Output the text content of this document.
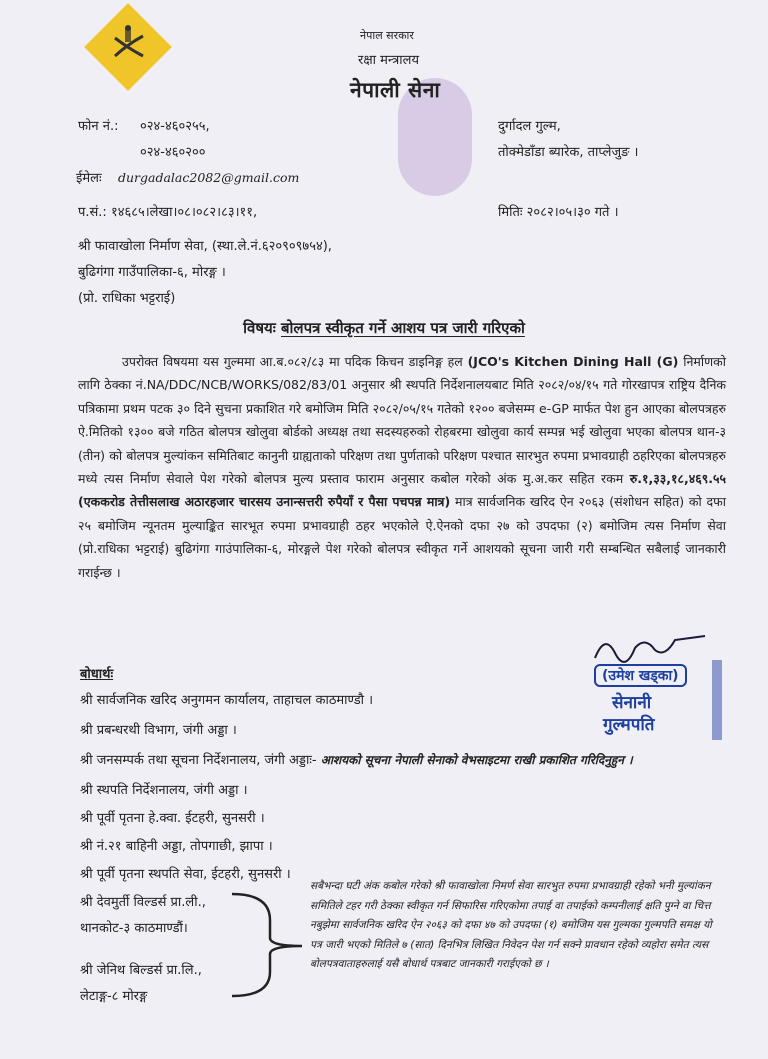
नेपाल सरकार
रक्षा मन्त्रालय
नेपाली सेना
फोन नं.: ०२४-४६०२५५,
०२४-४६०२००
ईमेलः durgadalac2082@gmail.com
दुर्गादल गुल्म,
तोक्मेडाँडा ब्यारेक, ताप्लेजुङ ।
प.सं.: १४६८५।लेखा।०८।०८२।८३।११,	मितिः २०८२।०५।३० गते ।
श्री फावाखोला निर्माण सेवा, (स्था.ले.नं.६२०९०९७५४),
बुढिगंगा गाउँपालिका-६, मोरङ्ग ।
(प्रो. राधिका भट्टराई)
विषयः बोलपत्र स्वीकृत गर्ने आशय पत्र जारी गरिएको
उपरोक्त विषयमा यस गुल्ममा आ.ब.०८२/८३ मा पदिक किचन डाइनिङ्ग हल (JCO's Kitchen Dining Hall (G) निर्माणको लागि ठेक्का नं.NA/DDC/NCB/WORKS/082/83/01 अनुसार श्री स्थपति निर्देशनालयबाट मिति २०८२/०४/१५ गते गोरखापत्र राष्ट्रिय दैनिक पत्रिकामा प्रथम पटक ३० दिने सुचना प्रकाशित गरे बमोजिम मिति २०८२/०५/१५ गतेको १२०० बजेसम्म e-GP मार्फत पेश हुन आएका बोलपत्रहरु ऐ.मितिको १३०० बजे गठित बोलपत्र खोलुवा बोर्डको अध्यक्ष तथा सदस्यहरुको रोहबरमा खोलुवा कार्य सम्पन्न भई खोलुवा भएका बोलपत्र थान-३ (तीन) को बोलपत्र मुल्यांकन समितिबाट कानुनी ग्राह्यताको परिक्षण तथा पुर्णताको परिक्षण पश्चात सारभुत रुपमा प्रभावग्राही ठहरिएका बोलपत्रहरु मध्ये त्यस निर्माण सेवाले पेश गरेको बोलपत्र मुल्य प्रस्ताव फाराम अनुसार कबोल गरेको अंक मु.अ.कर सहित रकम रु.१,३३,१८,४६९.५५ (एककरोड तेत्तीसलाख अठारहजार चारसय उनान्सत्तरी रुपैयाँ र पैसा पचपन्न मात्र) मात्र सार्वजनिक खरिद ऐन २०६३ (संशोधन सहित) को दफा २५ बमोजिम न्यूनतम मुल्याङ्कित सारभूत रुपमा प्रभावग्राही ठहर भएकोले ऐ.ऐनको दफा २७ को उपदफा (२) बमोजिम त्यस निर्माण सेवा (प्रो.राधिका भट्टराई) बुढिगंगा गाउंपालिका-६, मोरङ्गले पेश गरेको बोलपत्र स्वीकृत गर्ने आशयको सूचना जारी गरी सम्बन्धित सबैलाई जानकारी गराईन्छ ।
(उमेश खड्का)
सेनानी
गुल्मपति
बोधार्थः
श्री सार्वजनिक खरिद अनुगमन कार्यालय, ताहाचल काठमाण्डौ ।
श्री प्रबन्धरथी विभाग, जंगी अड्डा ।
श्री जनसम्पर्क तथा सूचना निर्देशनालय, जंगी अड्डाः- आशयको सूचना नेपाली सेनाको वेभसाइटमा राखी प्रकाशित गरिदिनुहुन ।
श्री स्थपति निर्देशनालय, जंगी अड्डा ।
श्री पूर्वी पृतना हे.क्वा. ईटहरी, सुनसरी ।
श्री नं.२१ बाहिनी अड्डा, तोपगाछी, झापा ।
श्री पूर्वी पृतना स्थपति सेवा, ईटहरी, सुनसरी ।
श्री देवमुर्ती विल्डर्स प्रा.ली.,
थानकोट-३ काठमाण्डौं।
श्री जेनिथ बिल्डर्स प्रा.लि.,
लेटाङ्ग-८ मोरङ्ग
सबैभन्दा घटी अंक कबोल गरेको श्री फावाखोला निमर्ण सेवा सारभुत रुपमा प्रभावग्राही रहेको भनी मुल्यांकन समितिले टहर गरी ठेक्का स्वीकृत गर्न सिफारिस गरिएकोमा तपाई वा तपाईको कम्पनीलाई क्षति पुग्ने वा चित्त नबुझेमा सार्वजनिक खरिद ऐन २०६३ को दफा ४७ को उपदफा (१) बमोजिम यस गुल्मका गुल्मपति समक्ष यो पत्र जारी भएको मितिले ७ (सात) दिनभित्र लिखित निवेदन पेश गर्न सक्ने प्रावधान रहेको व्यहोरा समेत त्यस बोलपत्रवाताहरुलाई यसै बोधार्थ पत्रबाट जानकारी गराईएको छ ।
